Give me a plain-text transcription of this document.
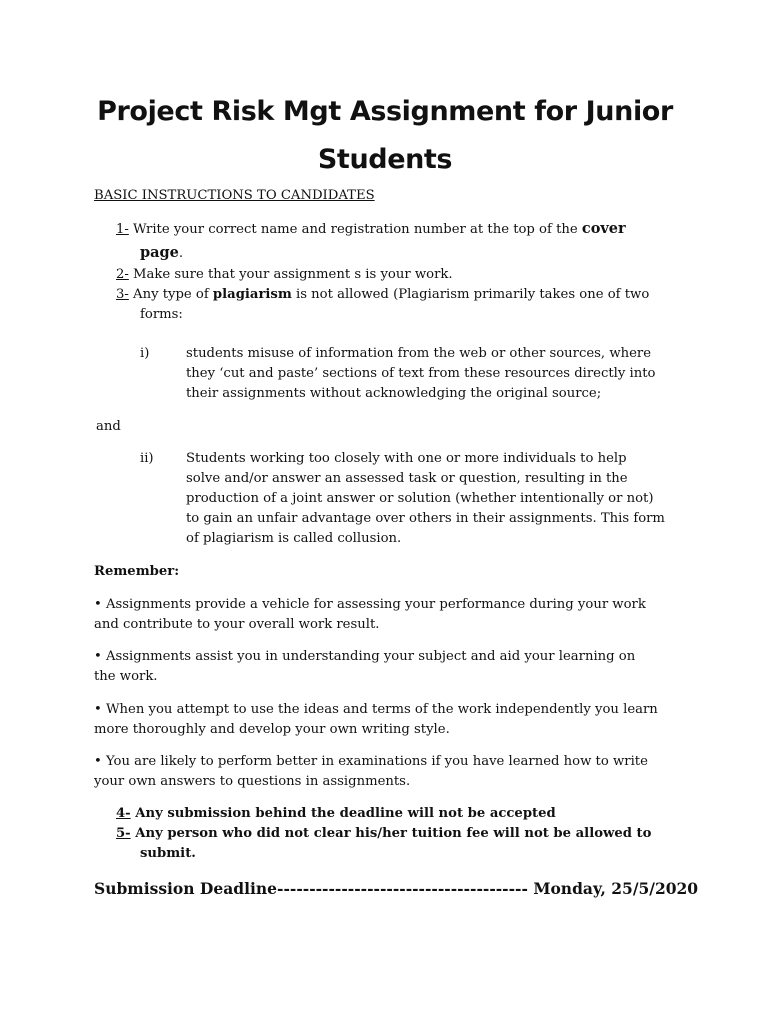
Project Risk Mgt Assignment for Junior
Students
BASIC INSTRUCTIONS TO CANDIDATES
1- Write your correct name and registration number at the top of the cover
page.
2- Make sure that your assignment s is your work.
3- Any type of plagiarism is not allowed (Plagiarism primarily takes one of two
forms:
i)	students misuse of information from the web or other sources, where
they ‘cut and paste’ sections of text from these resources directly into
their assignments without acknowledging the original source;
and
ii) Students working too closely with one or more individuals to help
solve and/or answer an assessed task or question, resulting in the
production of a joint answer or solution (whether intentionally or not)
to gain an unfair advantage over others in their assignments. This form
of plagiarism is called collusion.
Remember:
• Assignments provide a vehicle for assessing your performance during your work
and contribute to your overall work result.
• Assignments assist you in understanding your subject and aid your learning on
the work.
• When you attempt to use the ideas and terms of the work independently you learn
more thoroughly and develop your own writing style.
• You are likely to perform better in examinations if you have learned how to write
your own answers to questions in assignments.
4- Any submission behind the deadline will not be accepted
5- Any person who did not clear his/her tuition fee will not be allowed to
submit.
Submission Deadline--------------------------------------- Monday, 25/5/2020
